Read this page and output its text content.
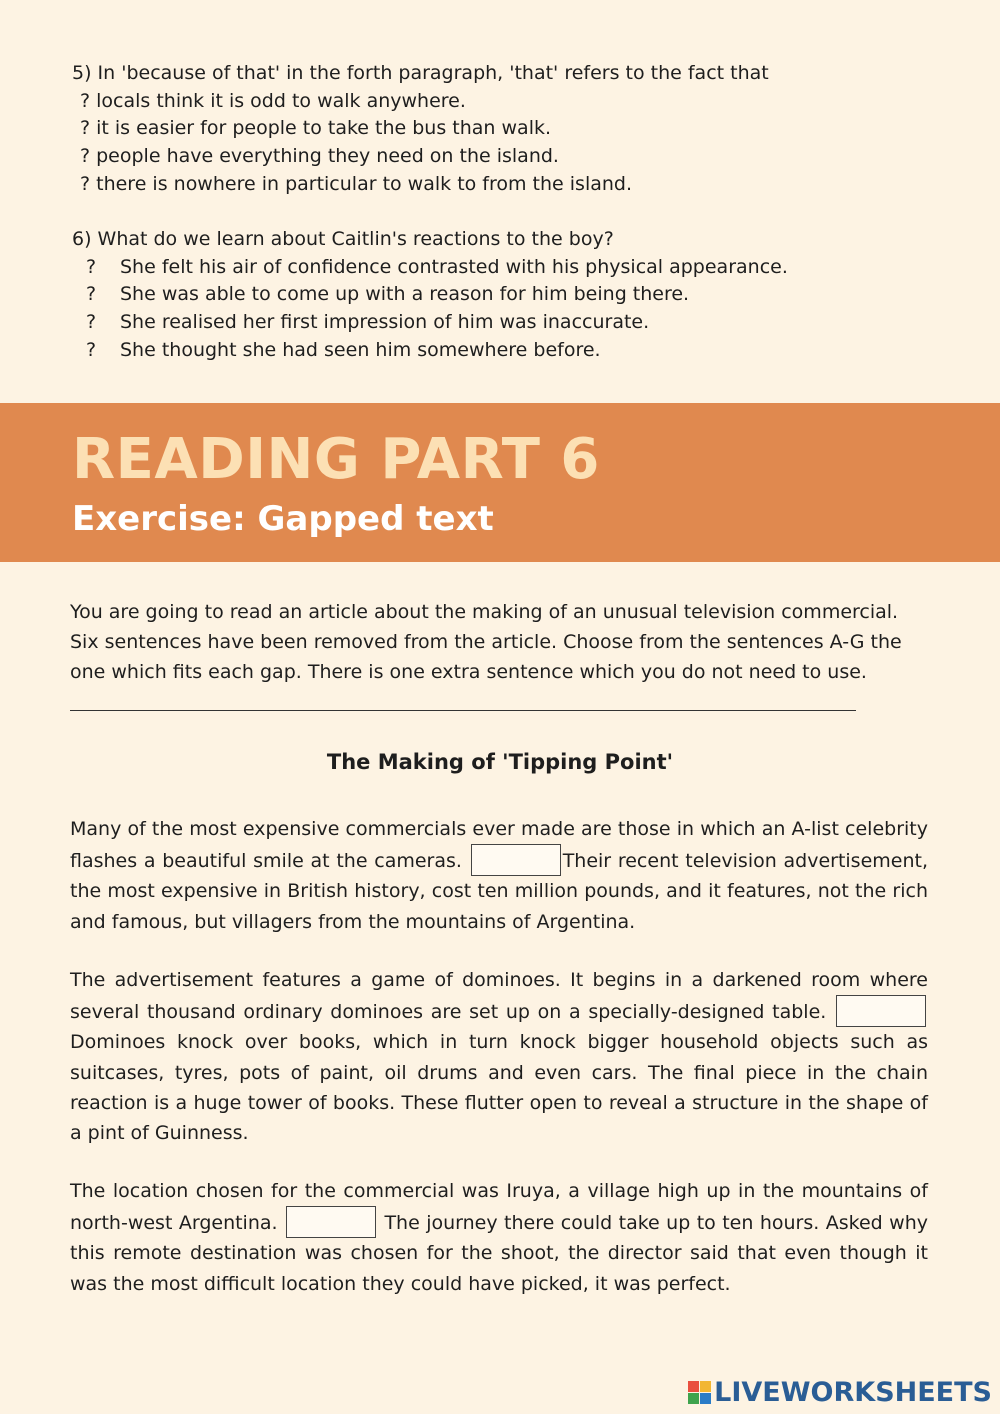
5) In 'because of that' in the forth paragraph, 'that' refers to the fact that
? locals think it is odd to walk anywhere.
? it is easier for people to take the bus than walk.
? people have everything they need on the island.
? there is nowhere in particular to walk to from the island.
6) What do we learn about Caitlin's reactions to the boy?
?	She felt his air of confidence contrasted with his physical appearance.
?	She was able to come up with a reason for him being there.
?	She realised her first impression of him was inaccurate.
?	She thought she had seen him somewhere before.
READING PART 6
Exercise: Gapped text
You are going to read an article about the making of an unusual television commercial. Six sentences have been removed from the article. Choose from the sentences A-G the one which fits each gap. There is one extra sentence which you do not need to use.
The Making of 'Tipping Point'
Many of the most expensive commercials ever made are those in which an A-list celebrity flashes a beautiful smile at the cameras.	Their recent television advertisement, the most expensive in British history, cost ten million pounds, and it features, not the rich and famous, but villagers from the mountains of Argentina.
The advertisement features a game of dominoes. It begins in a darkened room where several thousand ordinary dominoes are set up on a specially-designed table.  Dominoes knock over books, which in turn knock bigger household objects such as suitcases, tyres, pots of paint, oil drums and even cars. The final piece in the chain reaction is a huge tower of books. These flutter open to reveal a structure in the shape of a pint of Guinness.
The location chosen for the commercial was Iruya, a village high up in the mountains of north-west Argentina.	The journey there could take up to ten hours. Asked why this remote destination was chosen for the shoot, the director said that even though it was the most difficult location they could have picked, it was perfect.
LIVEWORKSHEETS
